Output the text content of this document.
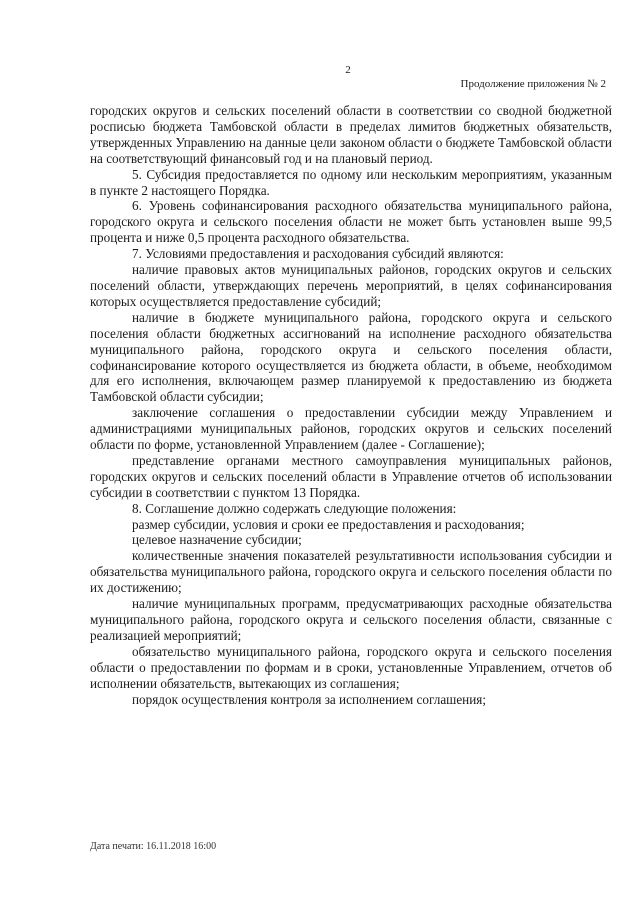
2
Продолжение приложения № 2

городских округов и сельских поселений области в соответствии со сводной бюджетной росписью бюджета Тамбовской области в пределах лимитов бюджетных обязательств, утвержденных Управлению на данные цели законом области о бюджете Тамбовской области на соответствующий финансовый год и на плановый период.

5. Субсидия предоставляется по одному или нескольким мероприятиям, указанным в пункте 2 настоящего Порядка.

6. Уровень софинансирования расходного обязательства муниципального района, городского округа и сельского поселения области не может быть установлен выше 99,5 процента и ниже 0,5 процента расходного обязательства.

7. Условиями предоставления и расходования субсидий являются:

наличие правовых актов муниципальных районов, городских округов и сельских поселений области, утверждающих перечень мероприятий, в целях софинансирования которых осуществляется предоставление субсидий;

наличие в бюджете муниципального района, городского округа и сельского поселения области бюджетных ассигнований на исполнение расходного обязательства муниципального района, городского округа и сельского поселения области, софинансирование которого осуществляется из бюджета области, в объеме, необходимом для его исполнения, включающем размер планируемой к предоставлению из бюджета Тамбовской области субсидии;

заключение соглашения о предоставлении субсидии между Управлением и администрациями муниципальных районов, городских округов и сельских поселений области по форме, установленной Управлением (далее - Соглашение);

представление органами местного самоуправления муниципальных районов, городских округов и сельских поселений области в Управление отчетов об использовании субсидии в соответствии с пунктом 13 Порядка.

8. Соглашение должно содержать следующие положения:

размер субсидии, условия и сроки ее предоставления и расходования;

целевое назначение субсидии;

количественные значения показателей результативности использования субсидии и обязательства муниципального района, городского округа и сельского поселения области по их достижению;

наличие муниципальных программ, предусматривающих расходные обязательства муниципального района, городского округа и сельского поселения области, связанные с реализацией мероприятий;

обязательство муниципального района, городского округа и сельского поселения области о предоставлении по формам и в сроки, установленные Управлением, отчетов об исполнении обязательств, вытекающих из соглашения;

порядок осуществления контроля за исполнением соглашения;

Дата печати: 16.11.2018 16:00
